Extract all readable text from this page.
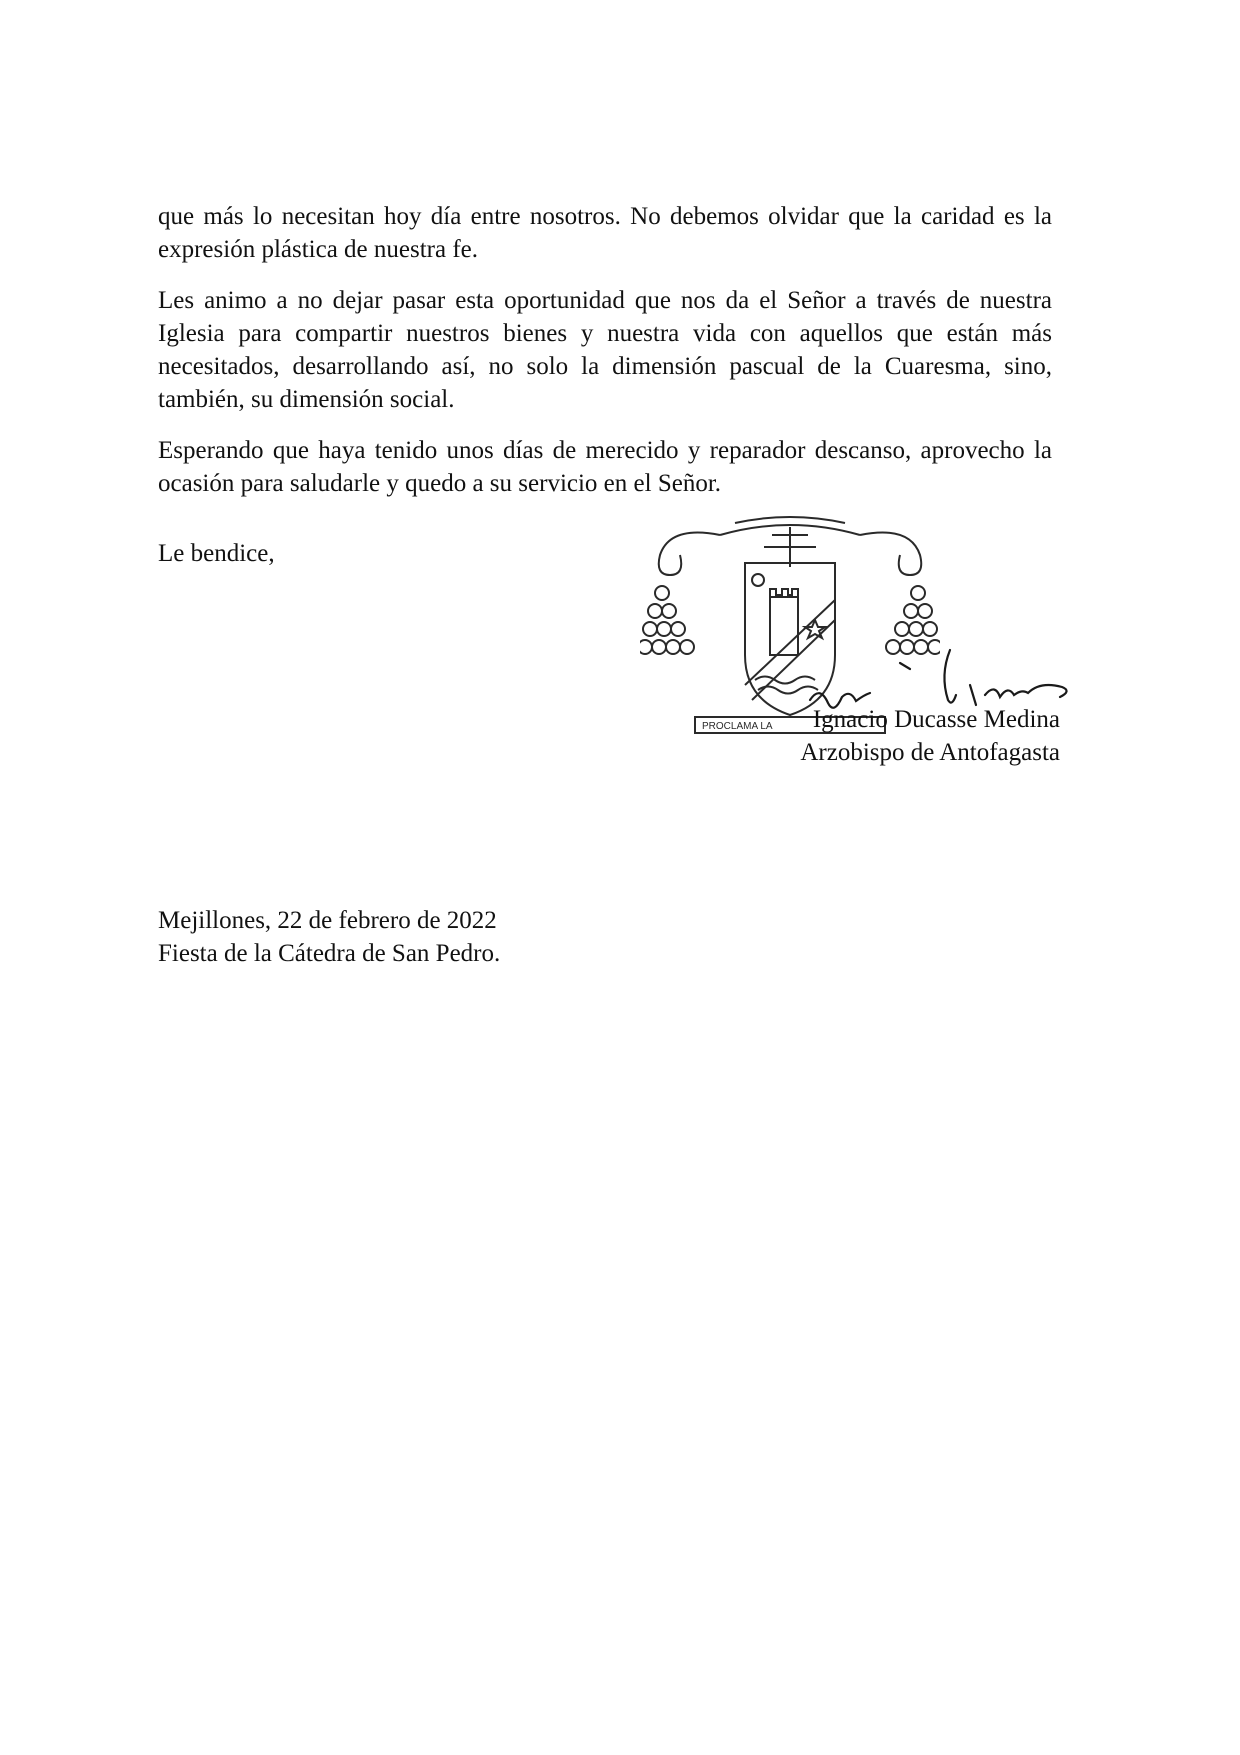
que más lo necesitan hoy día entre nosotros. No debemos olvidar que la caridad es la expresión plástica de nuestra fe.

Les animo a no dejar pasar esta oportunidad que nos da el Señor a través de nuestra Iglesia para compartir nuestros bienes y nuestra vida con aquellos que están más necesitados, desarrollando así, no solo la dimensión pascual de la Cuaresma, sino, también, su dimensión social.

Esperando que haya tenido unos días de merecido y reparador descanso, aprovecho la ocasión para saludarle y quedo a su servicio en el Señor.

Le bendice,
PROCLAMA LA	Ignacio Ducasse Medina
Arzobispo de Antofagasta
Mejillones, 22 de febrero de 2022
Fiesta de la Cátedra de San Pedro.
